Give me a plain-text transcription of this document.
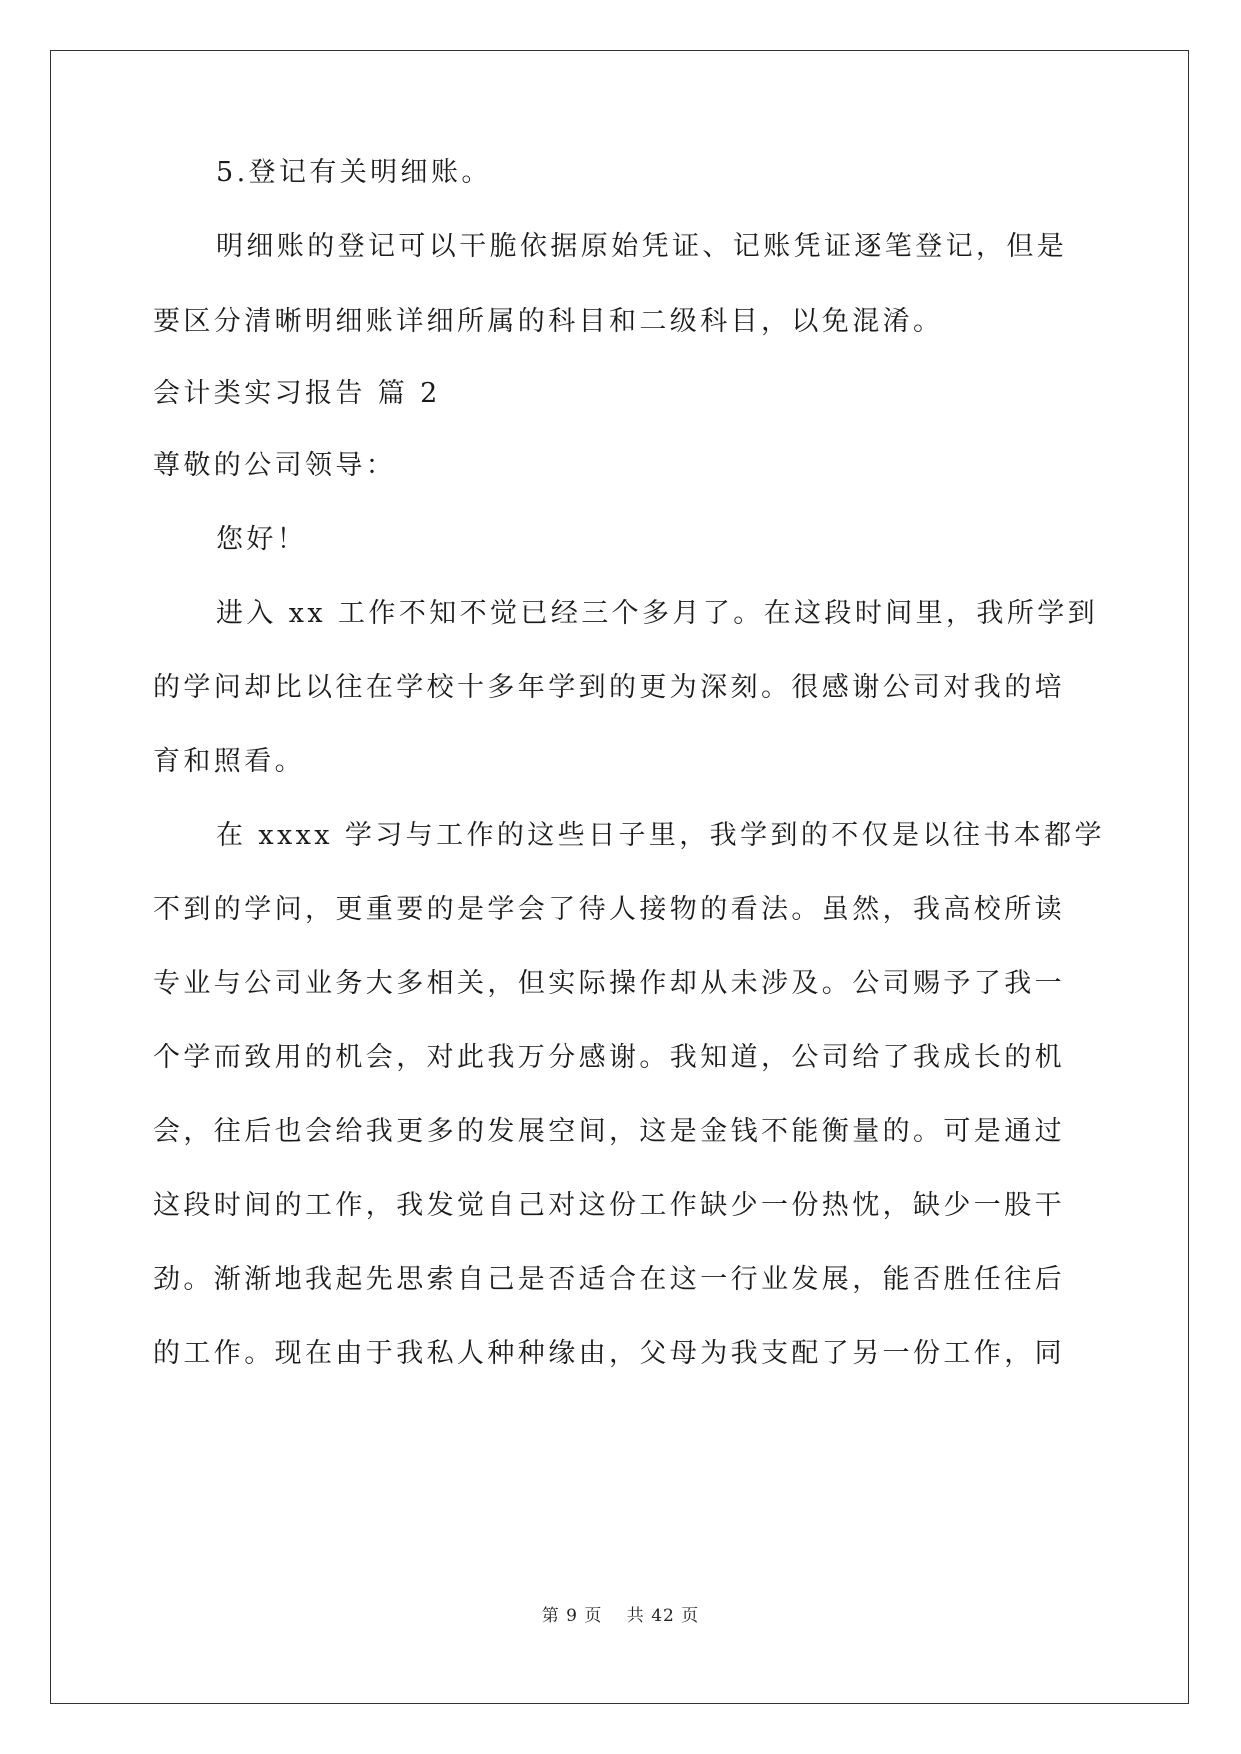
5.登记有关明细账。

明细账的登记可以干脆依据原始凭证、记账凭证逐笔登记，但是

要区分清晰明细账详细所属的科目和二级科目，以免混淆。

会计类实习报告 篇 2

尊敬的公司领导：

您好！

进入 xx 工作不知不觉已经三个多月了。在这段时间里，我所学到

的学问却比以往在学校十多年学到的更为深刻。很感谢公司对我的培

育和照看。

在 xxxx 学习与工作的这些日子里，我学到的不仅是以往书本都学

不到的学问，更重要的是学会了待人接物的看法。虽然，我高校所读

专业与公司业务大多相关，但实际操作却从未涉及。公司赐予了我一

个学而致用的机会，对此我万分感谢。我知道，公司给了我成长的机

会，往后也会给我更多的发展空间，这是金钱不能衡量的。可是通过

这段时间的工作，我发觉自己对这份工作缺少一份热忱，缺少一股干

劲。渐渐地我起先思索自己是否适合在这一行业发展，能否胜任往后

的工作。现在由于我私人种种缘由，父母为我支配了另一份工作，同

第 9 页　 共 42 页
